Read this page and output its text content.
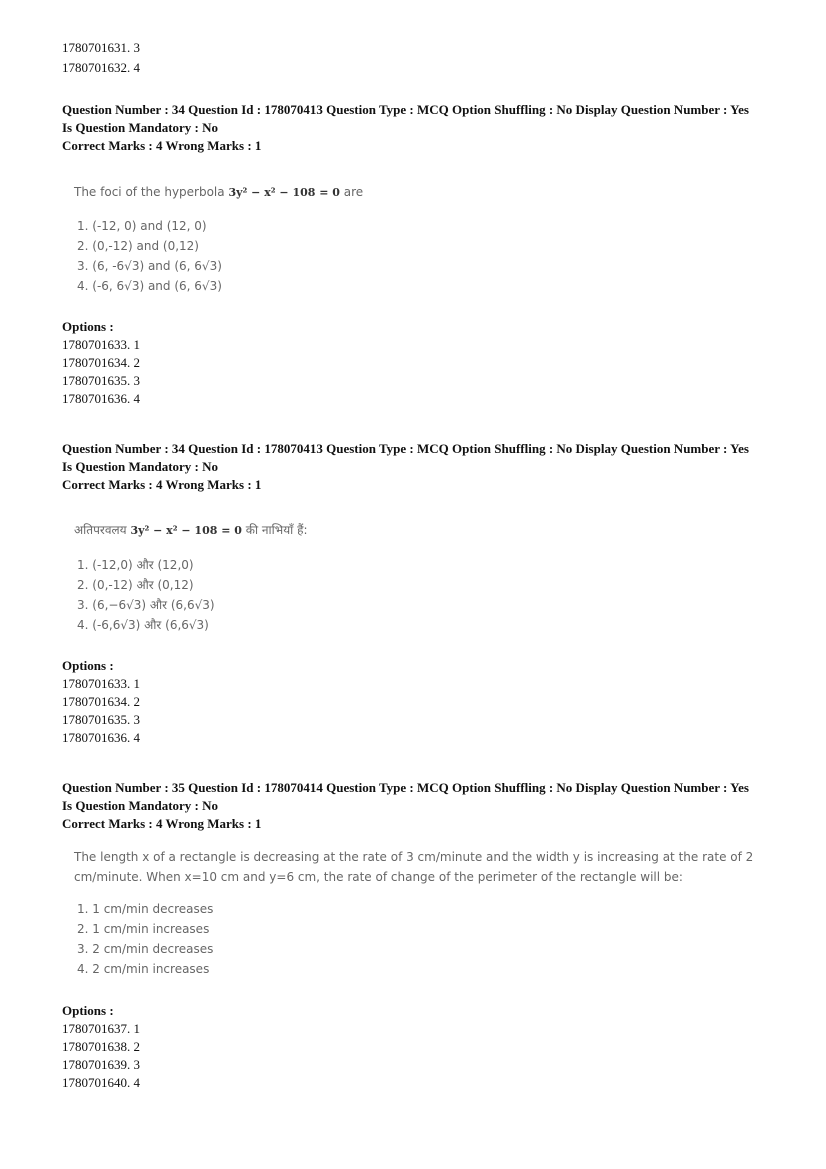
1780701631. 3
1780701632. 4
Question Number : 34 Question Id : 178070413 Question Type : MCQ Option Shuffling : No Display Question Number : Yes
Is Question Mandatory : No
Correct Marks : 4 Wrong Marks : 1
The foci of the hyperbola 3y² − x² − 108 = 0 are
1. (-12, 0) and (12, 0)
2. (0,-12) and (0,12)
3. (6, -6√3) and (6, 6√3)
4. (-6, 6√3) and (6, 6√3)
Options :
1780701633. 1
1780701634. 2
1780701635. 3
1780701636. 4
Question Number : 34 Question Id : 178070413 Question Type : MCQ Option Shuffling : No Display Question Number : Yes
Is Question Mandatory : No
Correct Marks : 4 Wrong Marks : 1
अतिपरवलय 3y² − x² − 108 = 0 की नाभियाँ हैं:
1. (-12,0) और (12,0)
2. (0,-12) और (0,12)
3. (6,−6√3) और (6,6√3)
4. (-6,6√3) और (6,6√3)
Options :
1780701633. 1
1780701634. 2
1780701635. 3
1780701636. 4
Question Number : 35 Question Id : 178070414 Question Type : MCQ Option Shuffling : No Display Question Number : Yes
Is Question Mandatory : No
Correct Marks : 4 Wrong Marks : 1
The length x of a rectangle is decreasing at the rate of 3 cm/minute and the width y is increasing at the rate of 2
cm/minute. When x=10 cm and y=6 cm, the rate of change of the perimeter of the rectangle will be:
1. 1 cm/min decreases
2. 1 cm/min increases
3. 2 cm/min decreases
4. 2 cm/min increases
Options :
1780701637. 1
1780701638. 2
1780701639. 3
1780701640. 4
